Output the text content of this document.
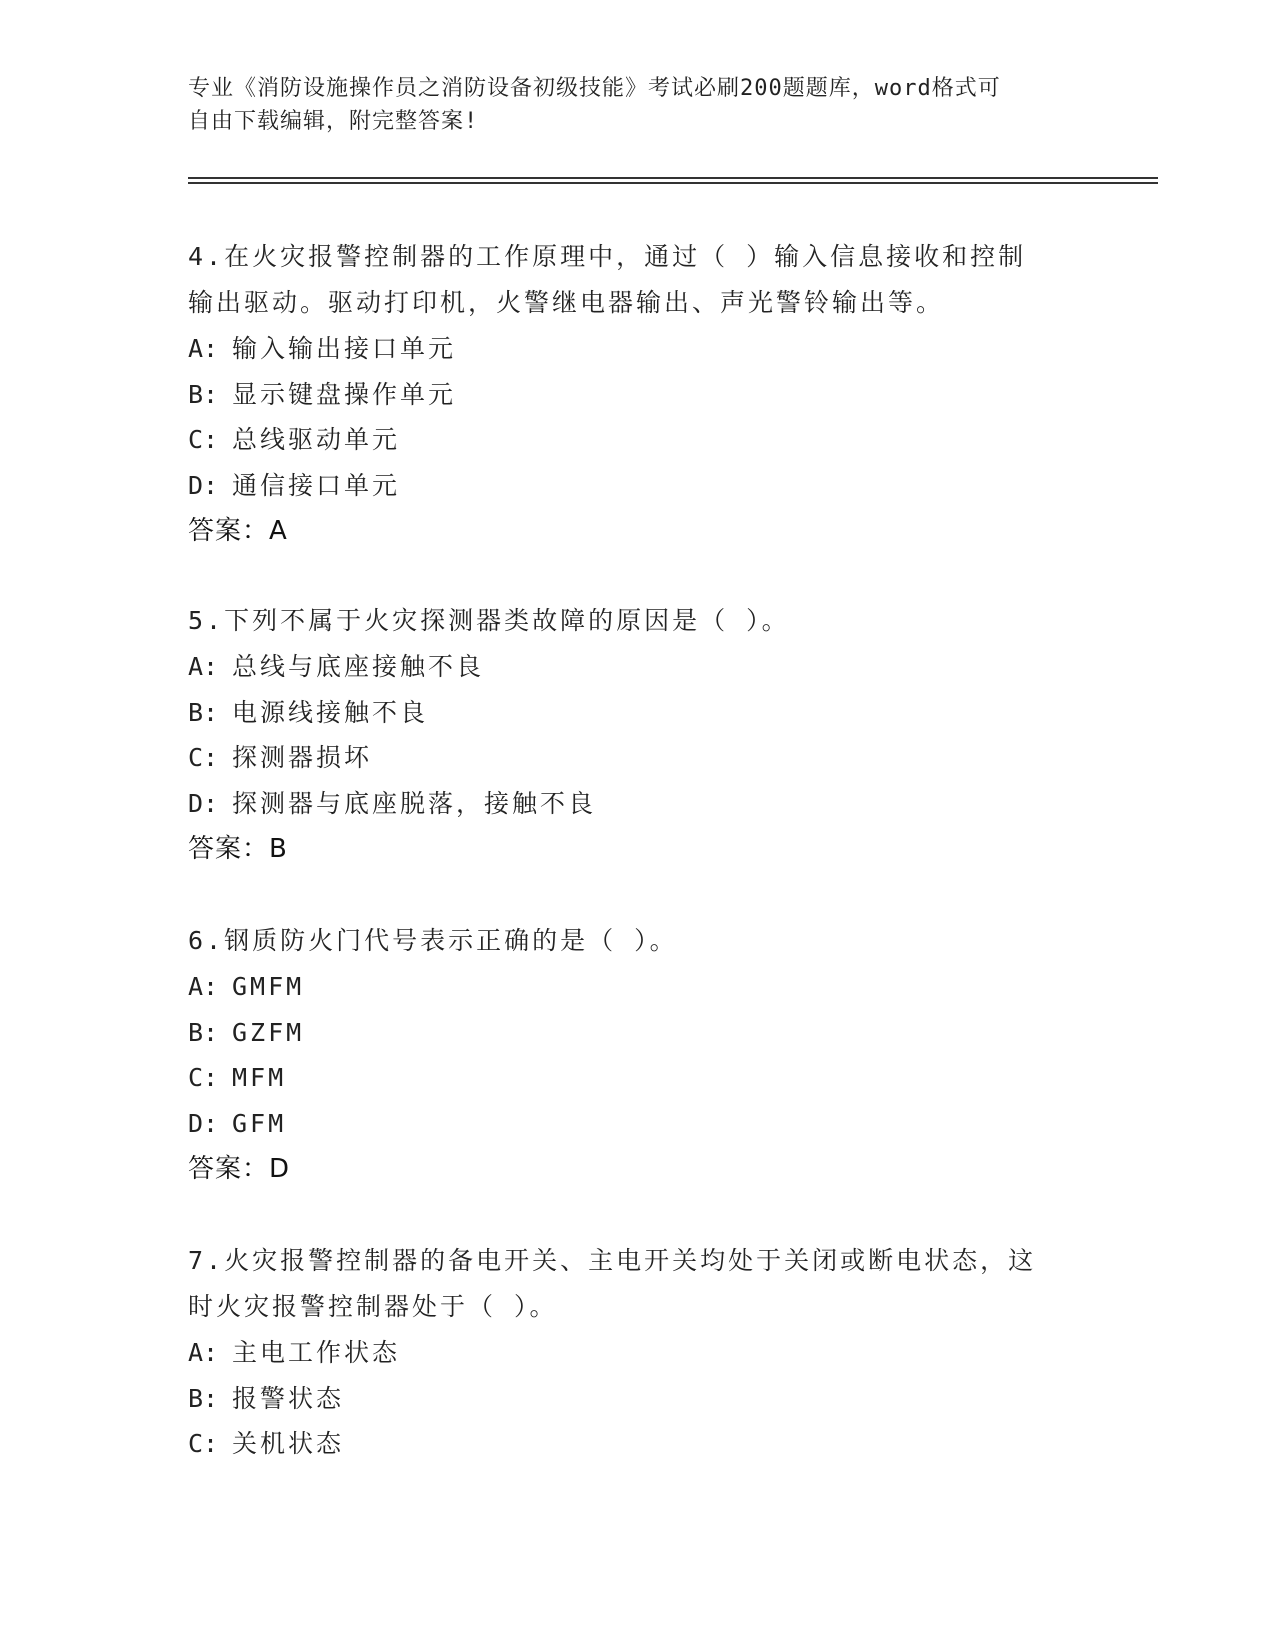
专业《消防设施操作员之消防设备初级技能》考试必刷200题题库，word格式可
自由下载编辑，附完整答案!
4.在火灾报警控制器的工作原理中，通过（ ）输入信息接收和控制
输出驱动。驱动打印机，火警继电器输出、声光警铃输出等。
A: 输入输出接口单元
B: 显示键盘操作单元
C: 总线驱动单元
D: 通信接口单元
答案：A
5.下列不属于火灾探测器类故障的原因是（ ）。
A: 总线与底座接触不良
B: 电源线接触不良
C: 探测器损坏
D: 探测器与底座脱落，接触不良
答案：B
6.钢质防火门代号表示正确的是（ ）。
A: GMFM
B: GZFM
C: MFM
D: GFM
答案：D
7.火灾报警控制器的备电开关、主电开关均处于关闭或断电状态，这
时火灾报警控制器处于（ ）。
A: 主电工作状态
B: 报警状态
C: 关机状态
